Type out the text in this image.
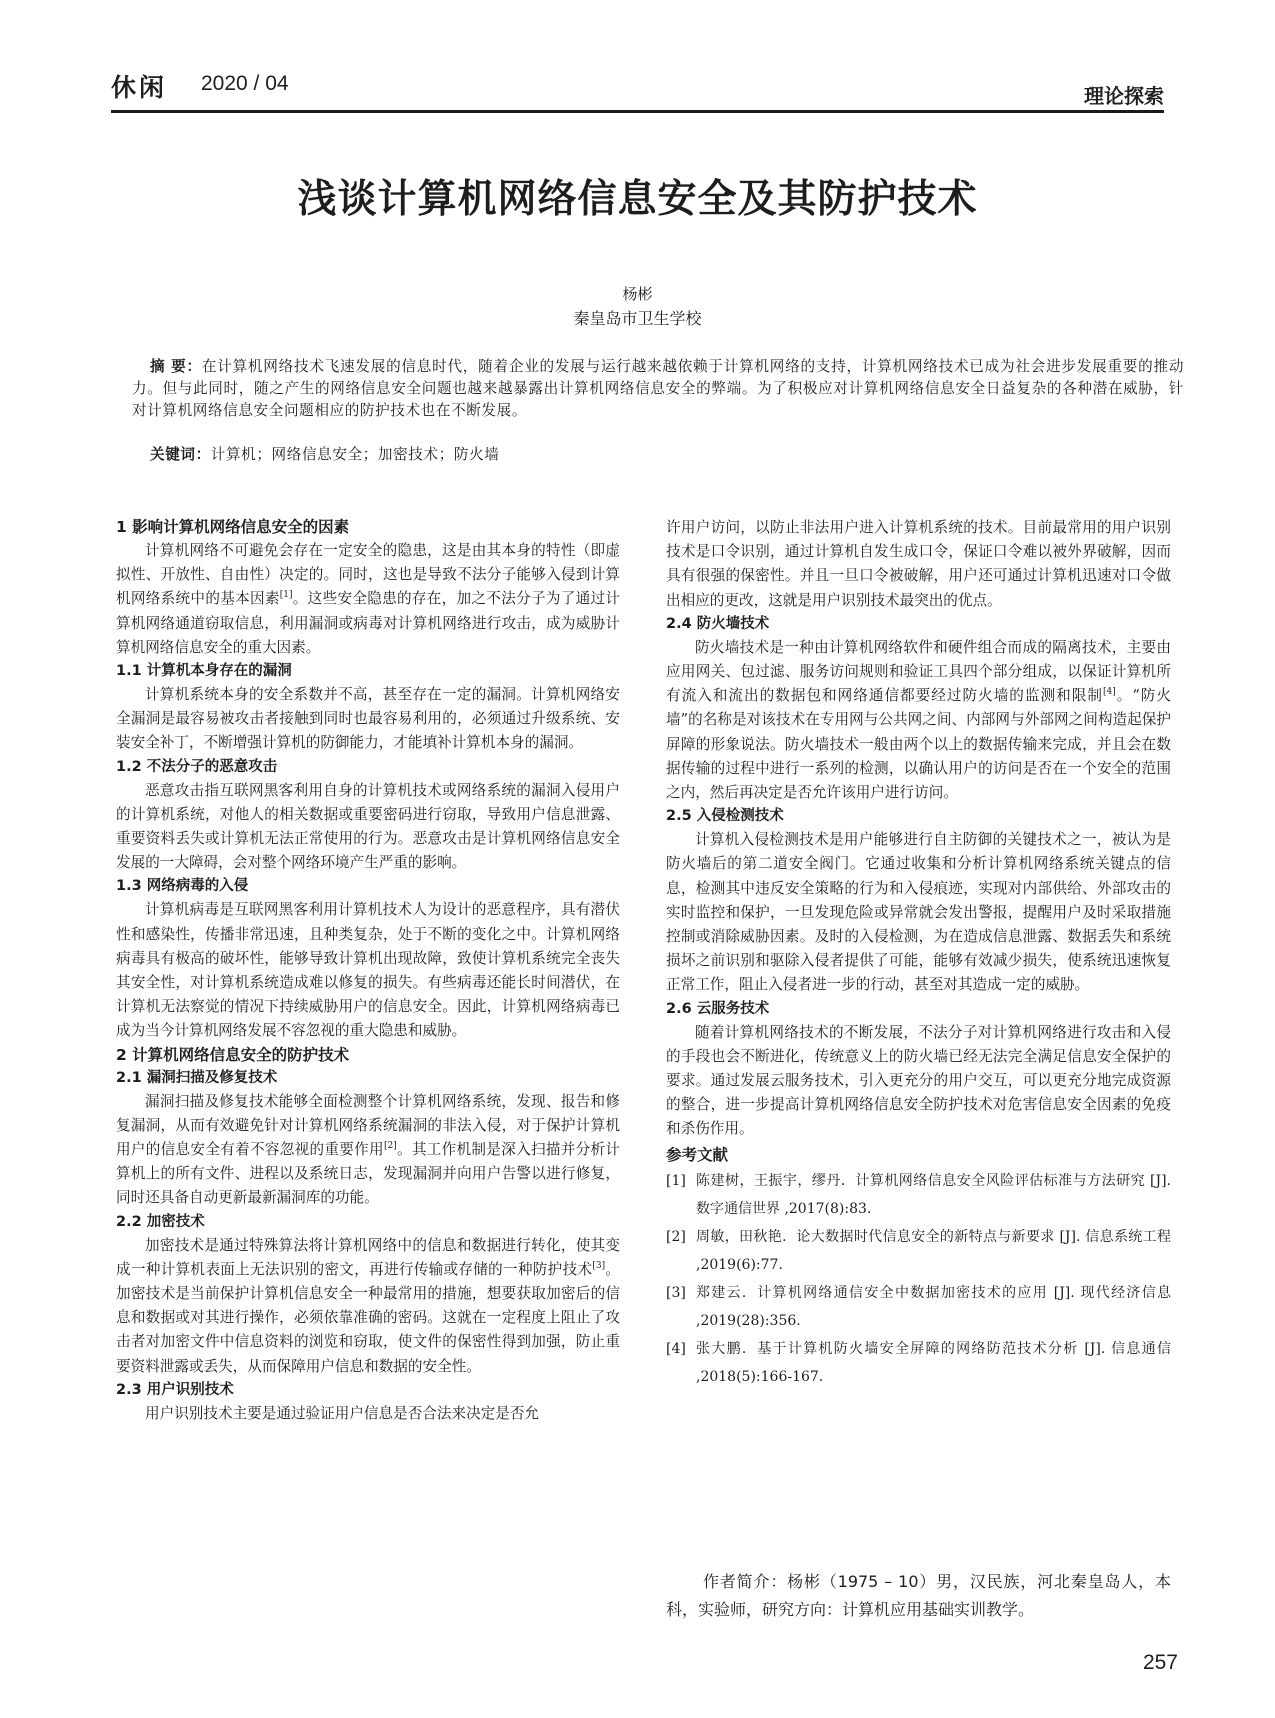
休闲 2020 / 04
理论探索
浅谈计算机网络信息安全及其防护技术
杨彬
秦皇岛市卫生学校
摘 要：在计算机网络技术飞速发展的信息时代，随着企业的发展与运行越来越依赖于计算机网络的支持，计算机网络技术已成为社会进步发展重要的推动力。但与此同时，随之产生的网络信息安全问题也越来越暴露出计算机网络信息安全的弊端。为了积极应对计算机网络信息安全日益复杂的各种潜在威胁，针对计算机网络信息安全问题相应的防护技术也在不断发展。
关键词：计算机；网络信息安全；加密技术；防火墙
1 影响计算机网络信息安全的因素
计算机网络不可避免会存在一定安全的隐患，这是由其本身的特性（即虚拟性、开放性、自由性）决定的。同时，这也是导致不法分子能够入侵到计算机网络系统中的基本因素[1]。这些安全隐患的存在，加之不法分子为了通过计算机网络通道窃取信息，利用漏洞或病毒对计算机网络进行攻击，成为威胁计算机网络信息安全的重大因素。
1.1 计算机本身存在的漏洞
计算机系统本身的安全系数并不高，甚至存在一定的漏洞。计算机网络安全漏洞是最容易被攻击者接触到同时也最容易利用的，必须通过升级系统、安装安全补丁，不断增强计算机的防御能力，才能填补计算机本身的漏洞。
1.2 不法分子的恶意攻击
恶意攻击指互联网黑客利用自身的计算机技术或网络系统的漏洞入侵用户的计算机系统，对他人的相关数据或重要密码进行窃取，导致用户信息泄露、重要资料丢失或计算机无法正常使用的行为。恶意攻击是计算机网络信息安全发展的一大障碍，会对整个网络环境产生严重的影响。
1.3 网络病毒的入侵
计算机病毒是互联网黑客利用计算机技术人为设计的恶意程序，具有潜伏性和感染性，传播非常迅速，且种类复杂，处于不断的变化之中。计算机网络病毒具有极高的破坏性，能够导致计算机出现故障，致使计算机系统完全丧失其安全性，对计算机系统造成难以修复的损失。有些病毒还能长时间潜伏，在计算机无法察觉的情况下持续威胁用户的信息安全。因此，计算机网络病毒已成为当今计算机网络发展不容忽视的重大隐患和威胁。
2 计算机网络信息安全的防护技术
2.1 漏洞扫描及修复技术
漏洞扫描及修复技术能够全面检测整个计算机网络系统，发现、报告和修复漏洞，从而有效避免针对计算机网络系统漏洞的非法入侵，对于保护计算机用户的信息安全有着不容忽视的重要作用[2]。其工作机制是深入扫描并分析计算机上的所有文件、进程以及系统日志，发现漏洞并向用户告警以进行修复，同时还具备自动更新最新漏洞库的功能。
2.2 加密技术
加密技术是通过特殊算法将计算机网络中的信息和数据进行转化，使其变成一种计算机表面上无法识别的密文，再进行传输或存储的一种防护技术[3]。加密技术是当前保护计算机信息安全一种最常用的措施，想要获取加密后的信息和数据或对其进行操作，必须依靠准确的密码。这就在一定程度上阻止了攻击者对加密文件中信息资料的浏览和窃取，使文件的保密性得到加强，防止重要资料泄露或丢失，从而保障用户信息和数据的安全性。
2.3 用户识别技术
用户识别技术主要是通过验证用户信息是否合法来决定是否允
许用户访问，以防止非法用户进入计算机系统的技术。目前最常用的用户识别技术是口令识别，通过计算机自发生成口令，保证口令难以被外界破解，因而具有很强的保密性。并且一旦口令被破解，用户还可通过计算机迅速对口令做出相应的更改，这就是用户识别技术最突出的优点。
2.4 防火墙技术
防火墙技术是一种由计算机网络软件和硬件组合而成的隔离技术，主要由应用网关、包过滤、服务访问规则和验证工具四个部分组成，以保证计算机所有流入和流出的数据包和网络通信都要经过防火墙的监测和限制[4]。“防火墙”的名称是对该技术在专用网与公共网之间、内部网与外部网之间构造起保护屏障的形象说法。防火墙技术一般由两个以上的数据传输来完成，并且会在数据传输的过程中进行一系列的检测，以确认用户的访问是否在一个安全的范围之内，然后再决定是否允许该用户进行访问。
2.5 入侵检测技术
计算机入侵检测技术是用户能够进行自主防御的关键技术之一，被认为是防火墙后的第二道安全阀门。它通过收集和分析计算机网络系统关键点的信息，检测其中违反安全策略的行为和入侵痕迹，实现对内部供给、外部攻击的实时监控和保护，一旦发现危险或异常就会发出警报，提醒用户及时采取措施控制或消除威胁因素。及时的入侵检测，为在造成信息泄露、数据丢失和系统损坏之前识别和驱除入侵者提供了可能，能够有效减少损失，使系统迅速恢复正常工作，阻止入侵者进一步的行动，甚至对其造成一定的威胁。
2.6 云服务技术
随着计算机网络技术的不断发展，不法分子对计算机网络进行攻击和入侵的手段也会不断进化，传统意义上的防火墙已经无法完全满足信息安全保护的要求。通过发展云服务技术，引入更充分的用户交互，可以更充分地完成资源的整合，进一步提高计算机网络信息安全防护技术对危害信息安全因素的免疫和杀伤作用。
参考文献
[1] 陈建树，王振宇，缪丹．计算机网络信息安全风险评估标准与方法研究 [J]. 数字通信世界 ,2017(8):83.
[2] 周敏，田秋艳．论大数据时代信息安全的新特点与新要求 [J]. 信息系统工程 ,2019(6):77.
[3] 郑建云．计算机网络通信安全中数据加密技术的应用 [J]. 现代经济信息 ,2019(28):356.
[4] 张大鹏．基于计算机防火墙安全屏障的网络防范技术分析 [J]. 信息通信 ,2018(5):166-167.
作者简介：杨彬（1975 – 10）男，汉民族，河北秦皇岛人，本科，实验师，研究方向：计算机应用基础实训教学。
257
